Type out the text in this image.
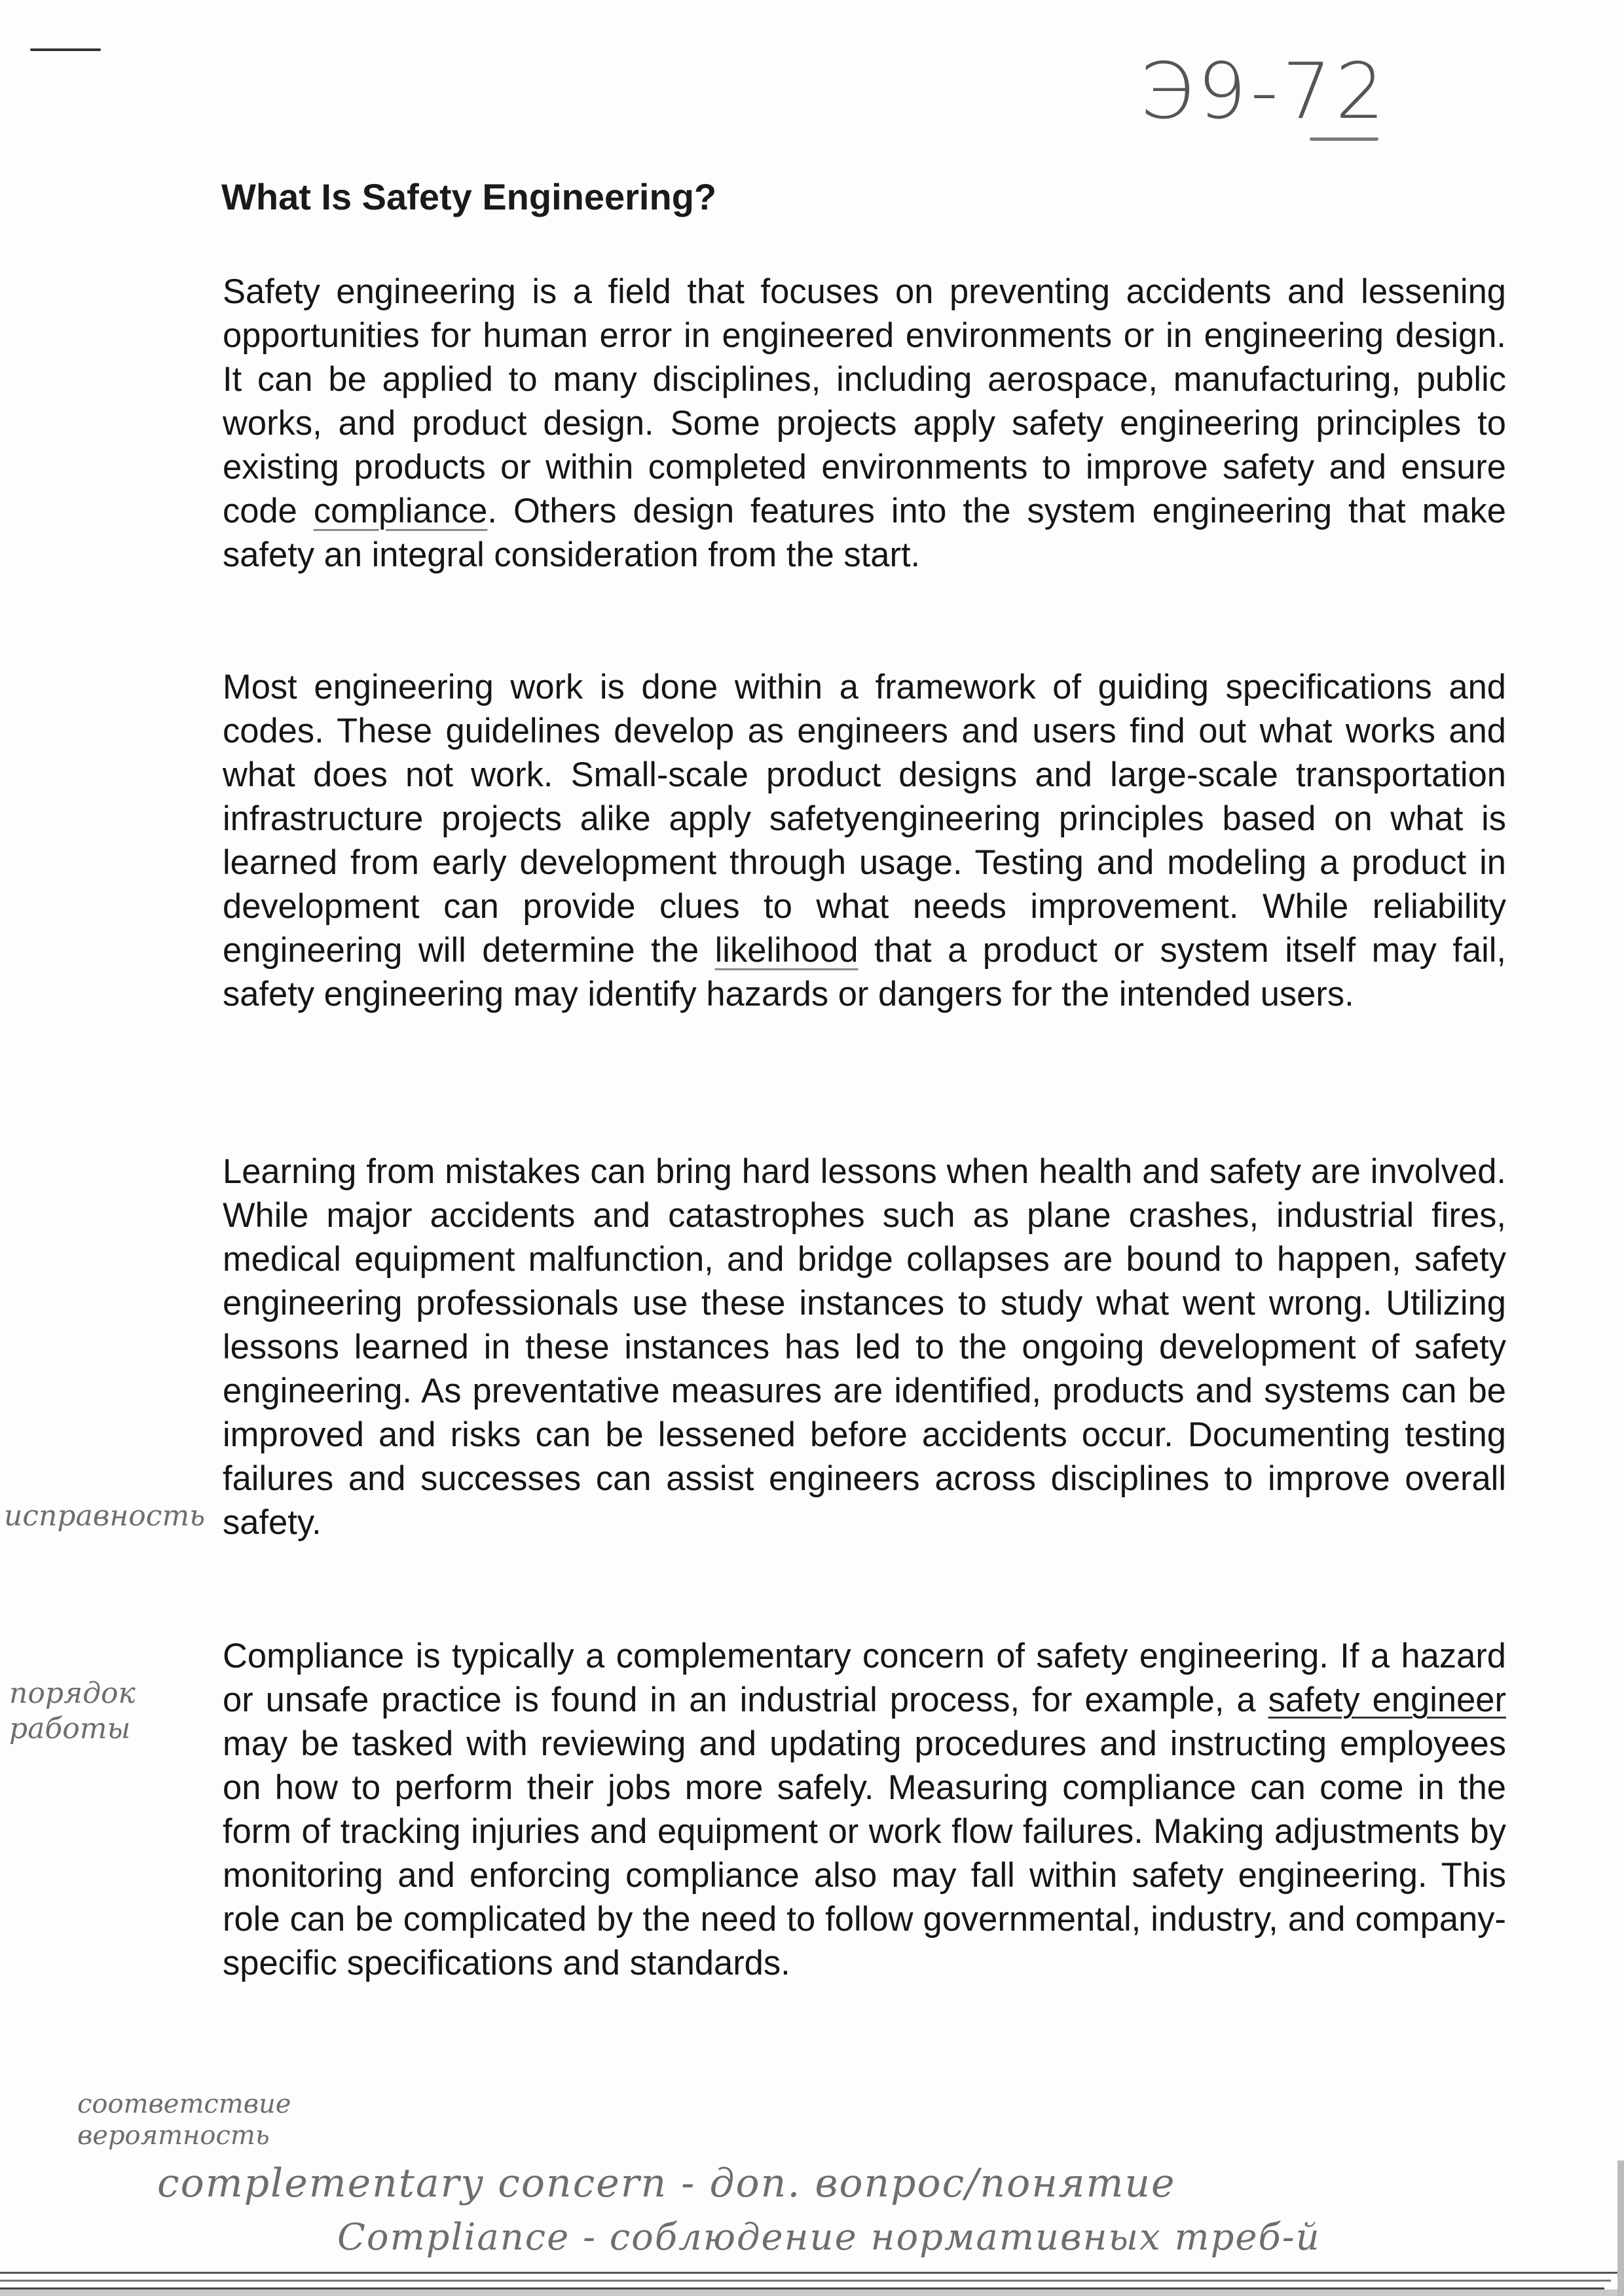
Э9-72
What Is Safety Engineering?

Safety engineering is a field that focuses on preventing accidents and lessening opportunities for human error in engineered environments or in engineering design. It can be applied to many disciplines, including aerospace, manufacturing, public works, and product design. Some projects apply safety engineering principles to existing products or within completed environments to improve safety and ensure code compliance. Others design features into the system engineering that make safety an integral consideration from the start.

Most engineering work is done within a framework of guiding specifications and codes. These guidelines develop as engineers and users find out what works and what does not work. Small-scale product designs and large-scale transportation infrastructure projects alike apply safetyengineering principles based on what is learned from early development through usage. Testing and modeling a product in development can provide clues to what needs improvement. While reliability engineering will determine the likelihood that a product or system itself may fail, safety engineering may identify hazards or dangers for the intended users.

Learning from mistakes can bring hard lessons when health and safety are involved. While major accidents and catastrophes such as plane crashes, industrial fires, medical equipment malfunction, and bridge collapses are bound to happen, safety engineering professionals use these instances to study what went wrong. Utilizing lessons learned in these instances has led to the ongoing development of safety engineering. As preventative measures are identified, products and systems can be improved and risks can be lessened before accidents occur. Documenting testing failures and successes can assist engineers across disciplines to improve overall safety.

Compliance is typically a complementary concern of safety engineering. If a hazard or unsafe practice is found in an industrial process, for example, a safety engineer may be tasked with reviewing and updating procedures and instructing employees on how to perform their jobs more safely. Measuring compliance can come in the form of tracking injuries and equipment or work flow failures. Making adjustments by monitoring and enforcing compliance also may fall within safety engineering. This role can be complicated by the need to follow governmental, industry, and company-specific specifications and standards.

исправность
порядок
работы
соответствие
вероятность
complementary concern - доп. вопрос/понятие
Compliance - соблюдение нормативных треб-й
